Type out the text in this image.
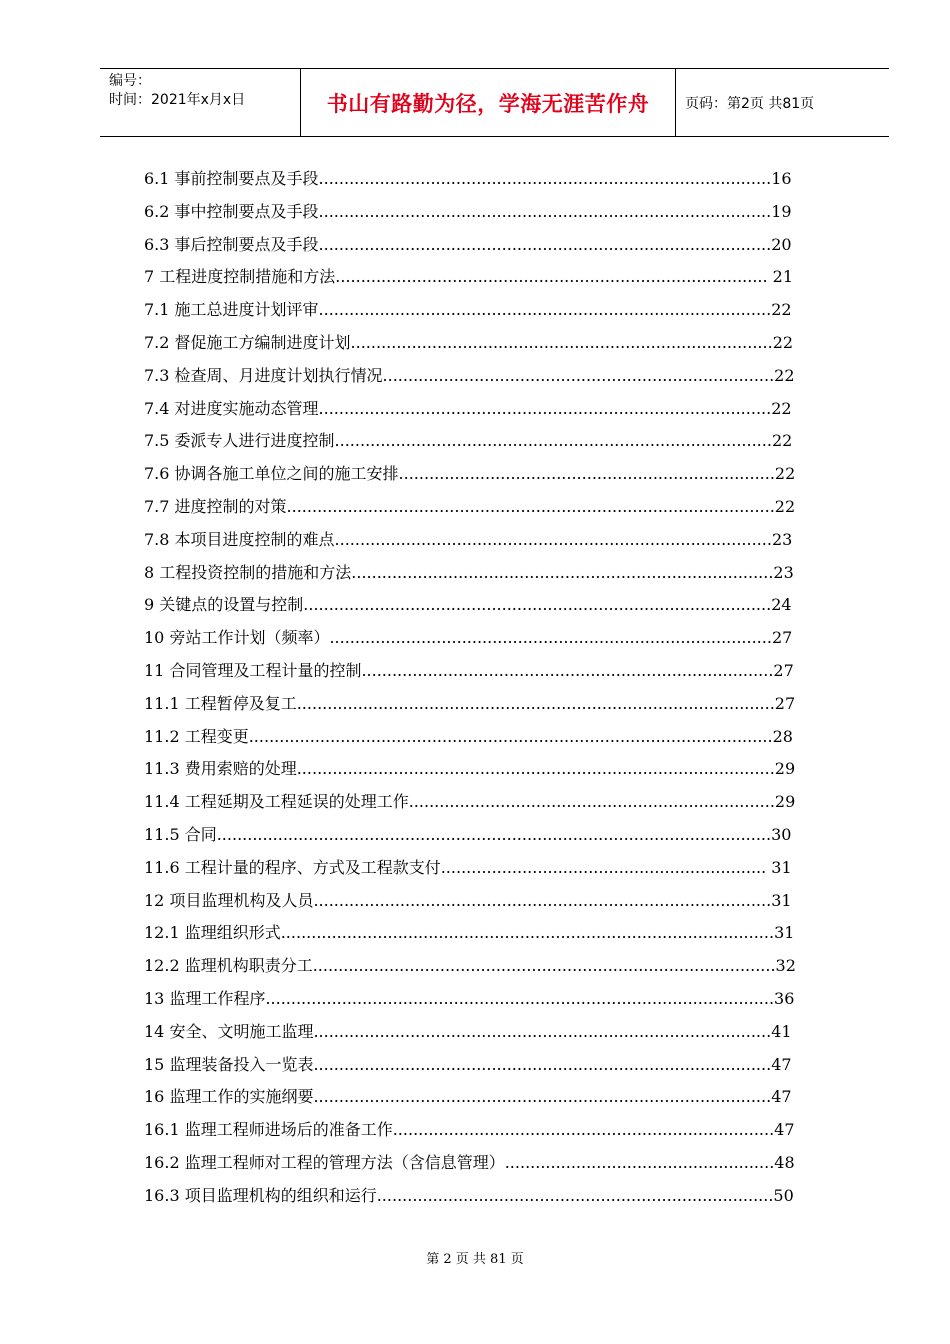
编号：
时间：2021年x月x日	书山有路勤为径，学海无涯苦作舟	页码：第2页 共81页
6.1 事前控制要点及手段.........................................................................................16
6.2 事中控制要点及手段.........................................................................................19
6.3 事后控制要点及手段.........................................................................................20
7 工程进度控制措施和方法..................................................................................... 21
7.1 施工总进度计划评审.........................................................................................22
7.2 督促施工方编制进度计划...................................................................................22
7.3 检查周、月进度计划执行情况.............................................................................22
7.4 对进度实施动态管理.........................................................................................22
7.5 委派专人进行进度控制......................................................................................22
7.6 协调各施工单位之间的施工安排..........................................................................22
7.7 进度控制的对策................................................................................................22
7.8 本项目进度控制的难点......................................................................................23
8 工程投资控制的措施和方法...................................................................................23
9 关键点的设置与控制............................................................................................24
10 旁站工作计划（频率）.......................................................................................27
11 合同管理及工程计量的控制.................................................................................27
11.1 工程暂停及复工..............................................................................................27
11.2 工程变更.......................................................................................................28
11.3 费用索赔的处理..............................................................................................29
11.4 工程延期及工程延误的处理工作........................................................................29
11.5 合同.............................................................................................................30
11.6 工程计量的程序、方式及工程款支付................................................................ 31
12 项目监理机构及人员..........................................................................................31
12.1 监理组织形式.................................................................................................31
12.2 监理机构职责分工...........................................................................................32
13 监理工作程序....................................................................................................36
14 安全、文明施工监理..........................................................................................41
15 监理装备投入一览表..........................................................................................47
16 监理工作的实施纲要..........................................................................................47
16.1 监理工程师进场后的准备工作...........................................................................47
16.2 监理工程师对工程的管理方法（含信息管理）.....................................................48
16.3 项目监理机构的组织和运行..............................................................................50
第 2 页 共 81 页
